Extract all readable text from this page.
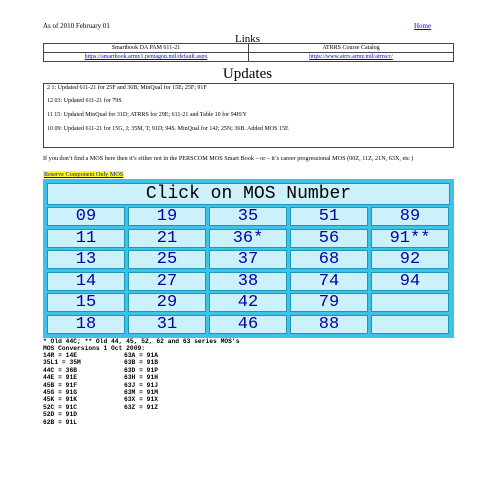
As of 2010 February 01	Home
Links
Smartbook DA PAM 611-21	ATRRS Course Catalog
https://smartbook.army1.pentagon.mil/default.aspx	https://www.atrrs.army.mil/atrrscc/
Updates
2 1: Updated 611-21 for 25F and 36B; MinQual for 15E; 25F; 91F
12 03: Updated 611-21 for 79S
11 15: Updated MinQual for 31D; ATRRS for 29E; 611-21 and Table 10 for 94H/Y
10 09: Updated 611-21 for 15G, J; 35M, T; 91D; 94S. MinQual for 14J; 25N; 36B. Added MOS 15E
If you don’t find a MOS here then it’s either not in the PERSCOM MOS Smart Book – or – it’s career progressional MOS (00Z, 11Z, 21N, 63X, etc )
Reserve Component Only MOS
Click on MOS Number
09	19	35	51	89
11	21	36*	56	91**
13	25	37	68	92
14	27	38	74	94
15	29	42	79
18	31	46	88
* Old 44C; ** Old 44, 45, 52, 62 and 63 series MOS's
MOS Conversions 1 Oct 2009:
14R = 14E
35L1 = 35M
44C = 36B
44E = 91E
45B = 91F
45G = 91G
45K = 91K
52C = 91C
52D = 91D
62B = 91L
63A = 91A
63B = 91B
63D = 91P
63H = 91H
63J = 91J
63M = 91M
63X = 91X
63Z = 91Z
